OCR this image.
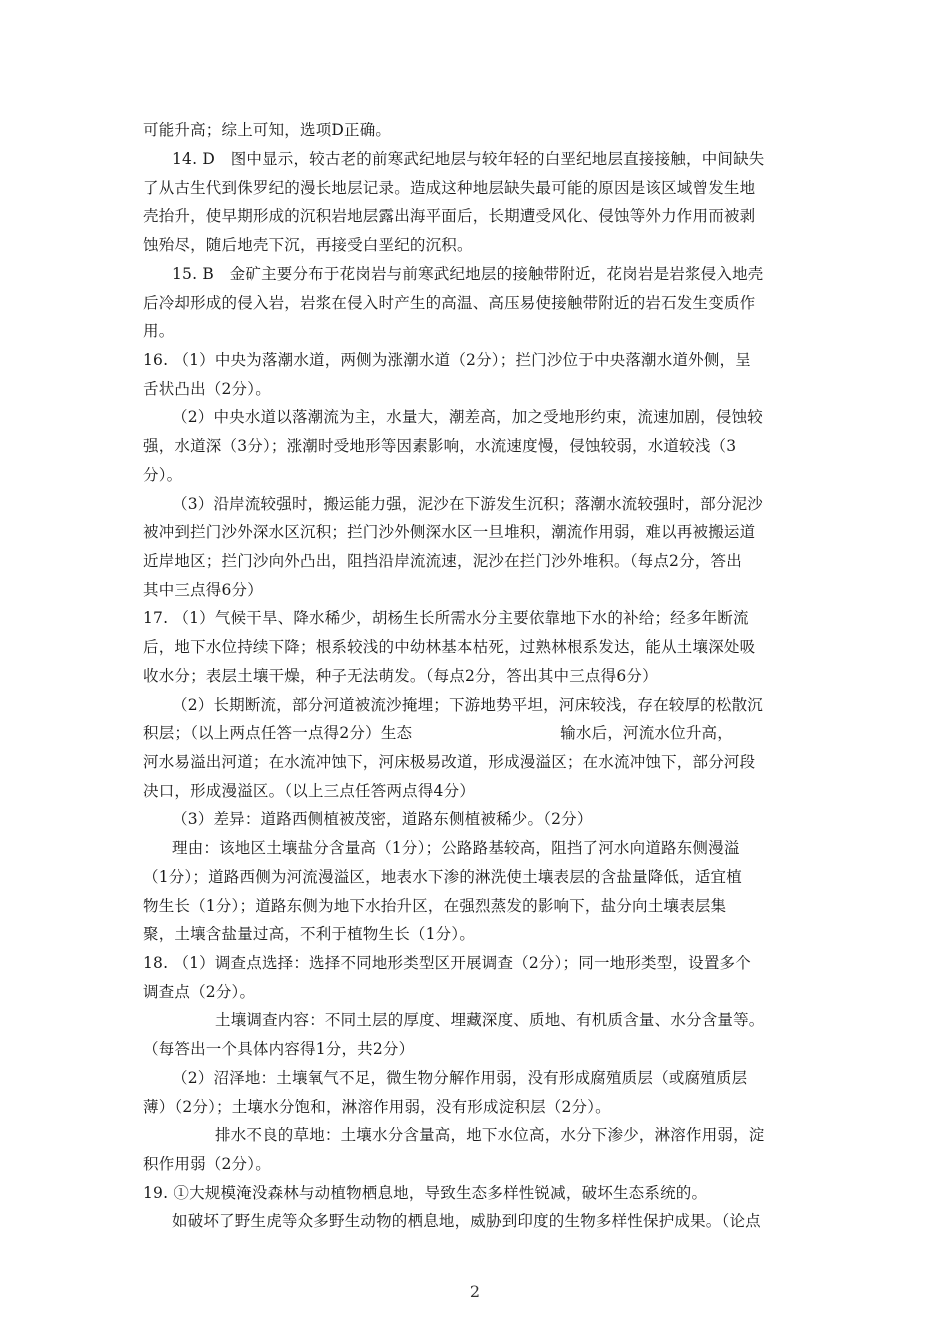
可能升高；综上可知，选项D正确。
14. D　图中显示，较古老的前寒武纪地层与较年轻的白垩纪地层直接接触，中间缺失
了从古生代到侏罗纪的漫长地层记录。造成这种地层缺失最可能的原因是该区域曾发生地
壳抬升，使早期形成的沉积岩地层露出海平面后，长期遭受风化、侵蚀等外力作用而被剥
蚀殆尽，随后地壳下沉，再接受白垩纪的沉积。
15. B　金矿主要分布于花岗岩与前寒武纪地层的接触带附近，花岗岩是岩浆侵入地壳
后冷却形成的侵入岩，岩浆在侵入时产生的高温、高压易使接触带附近的岩石发生变质作
用。
16. （1）中央为落潮水道，两侧为涨潮水道（2分）；拦门沙位于中央落潮水道外侧，呈
舌状凸出（2分）。
（2）中央水道以落潮流为主，水量大，潮差高，加之受地形约束，流速加剧，侵蚀较
强，水道深（3分）；涨潮时受地形等因素影响，水流速度慢，侵蚀较弱，水道较浅（3
分）。
（3）沿岸流较强时，搬运能力强，泥沙在下游发生沉积；落潮水流较强时，部分泥沙
被冲到拦门沙外深水区沉积；拦门沙外侧深水区一旦堆积，潮流作用弱，难以再被搬运道
近岸地区；拦门沙向外凸出，阻挡沿岸流流速，泥沙在拦门沙外堆积。（每点2分，答出
其中三点得6分）
17. （1）气候干旱、降水稀少，胡杨生长所需水分主要依靠地下水的补给；经多年断流
后，地下水位持续下降；根系较浅的中幼林基本枯死，过熟林根系发达，能从土壤深处吸
收水分；表层土壤干燥，种子无法萌发。（每点2分，答出其中三点得6分）
（2）长期断流，部分河道被流沙掩埋；下游地势平坦，河床较浅，存在较厚的松散沉
积层；（以上两点任答一点得2分）生态	输水后，河流水位升高，
河水易溢出河道；在水流冲蚀下，河床极易改道，形成漫溢区；在水流冲蚀下，部分河段
决口，形成漫溢区。（以上三点任答两点得4分）
（3）差异：道路西侧植被茂密，道路东侧植被稀少。（2分）
理由：该地区土壤盐分含量高（1分）；公路路基较高，阻挡了河水向道路东侧漫溢
（1分）；道路西侧为河流漫溢区，地表水下渗的淋洗使土壤表层的含盐量降低，适宜植
物生长（1分）；道路东侧为地下水抬升区，在强烈蒸发的影响下，盐分向土壤表层集
聚，土壤含盐量过高，不利于植物生长（1分）。
18. （1）调查点选择：选择不同地形类型区开展调查（2分）；同一地形类型，设置多个
调查点（2分）。
土壤调查内容：不同土层的厚度、埋藏深度、质地、有机质含量、水分含量等。
（每答出一个具体内容得1分，共2分）
（2）沼泽地：土壤氧气不足，微生物分解作用弱，没有形成腐殖质层（或腐殖质层
薄）（2分）；土壤水分饱和，淋溶作用弱，没有形成淀积层（2分）。
排水不良的草地：土壤水分含量高，地下水位高，水分下渗少，淋溶作用弱，淀
积作用弱（2分）。
19. ①大规模淹没森林与动植物栖息地，导致生态多样性锐减，破坏生态系统的。
如破坏了野生虎等众多野生动物的栖息地，威胁到印度的生物多样性保护成果。（论点
2
